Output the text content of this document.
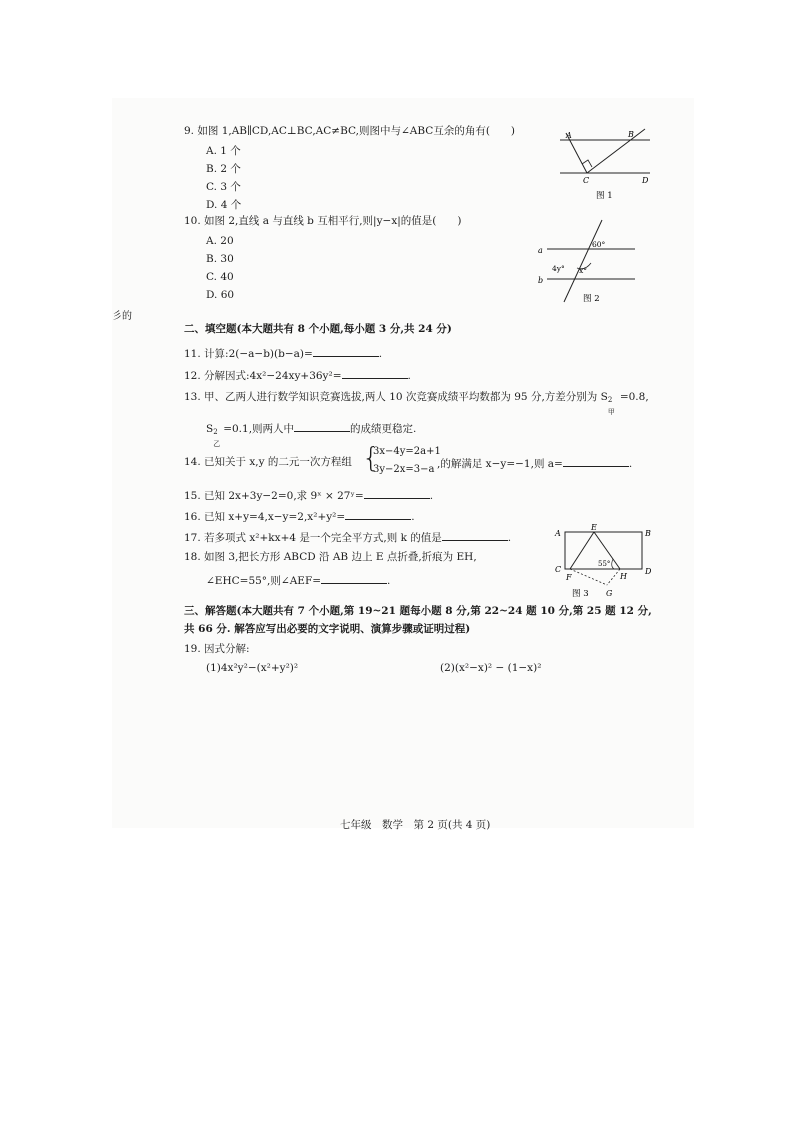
彡的
9. 如图 1,AB∥CD,AC⊥BC,AC≠BC,则图中与∠ABC互余的角有(　　)
A. 1 个
B. 2 个
C. 3 个
D. 4 个
A	B
C	D
图 1
10. 如图 2,直线 a 与直线 b 互相平行,则|y−x|的值是(　　)
A. 20
B. 30
C. 40
D. 60
a
b
60°
4y° x°
图 2
二、填空题(本大题共有 8 个小题,每小题 3 分,共 24 分)
11. 计算:2(−a−b)(b−a)=	.
12. 分解因式:4x²−24xy+36y²=	.
13. 甲、乙两人进行数学知识竞赛选拔,两人 10 次竞赛成绩平均数都为 95 分,方差分别为 S 2
甲
=0.8,
S 2
乙
=0.1,则两人中	的成绩更稳定.
14. 已知关于 x,y 的二元一次方程组 {
3x−4y=2a+1
3y−2x=3−a ,的解满足 x−y=−1,则 a=	.
15. 已知 2x+3y−2=0,求 9ˣ × 27ʸ=	.
16. 已知 x+y=4,x−y=2,x²+y²=	.
17. 若多项式 x²+kx+4 是一个完全平方式,则 k 的值是	.
18. 如图 3,把长方形 ABCD 沿 AB 边上 E 点折叠,折痕为 EH,
∠EHC=55°,则∠AEF=	.
A
E
B
C
F
55°
H
D
G
图 3
三、解答题(本大题共有 7 个小题,第 19~21 题每小题 8 分,第 22~24 题 10 分,第 25 题 12 分,
共 66 分. 解答应写出必要的文字说明、演算步骤或证明过程)
19. 因式分解:
(1)4x²y²−(x²+y²)²	(2)(x²−x)² − (1−x)²
七年级　数学　第 2 页(共 4 页)
